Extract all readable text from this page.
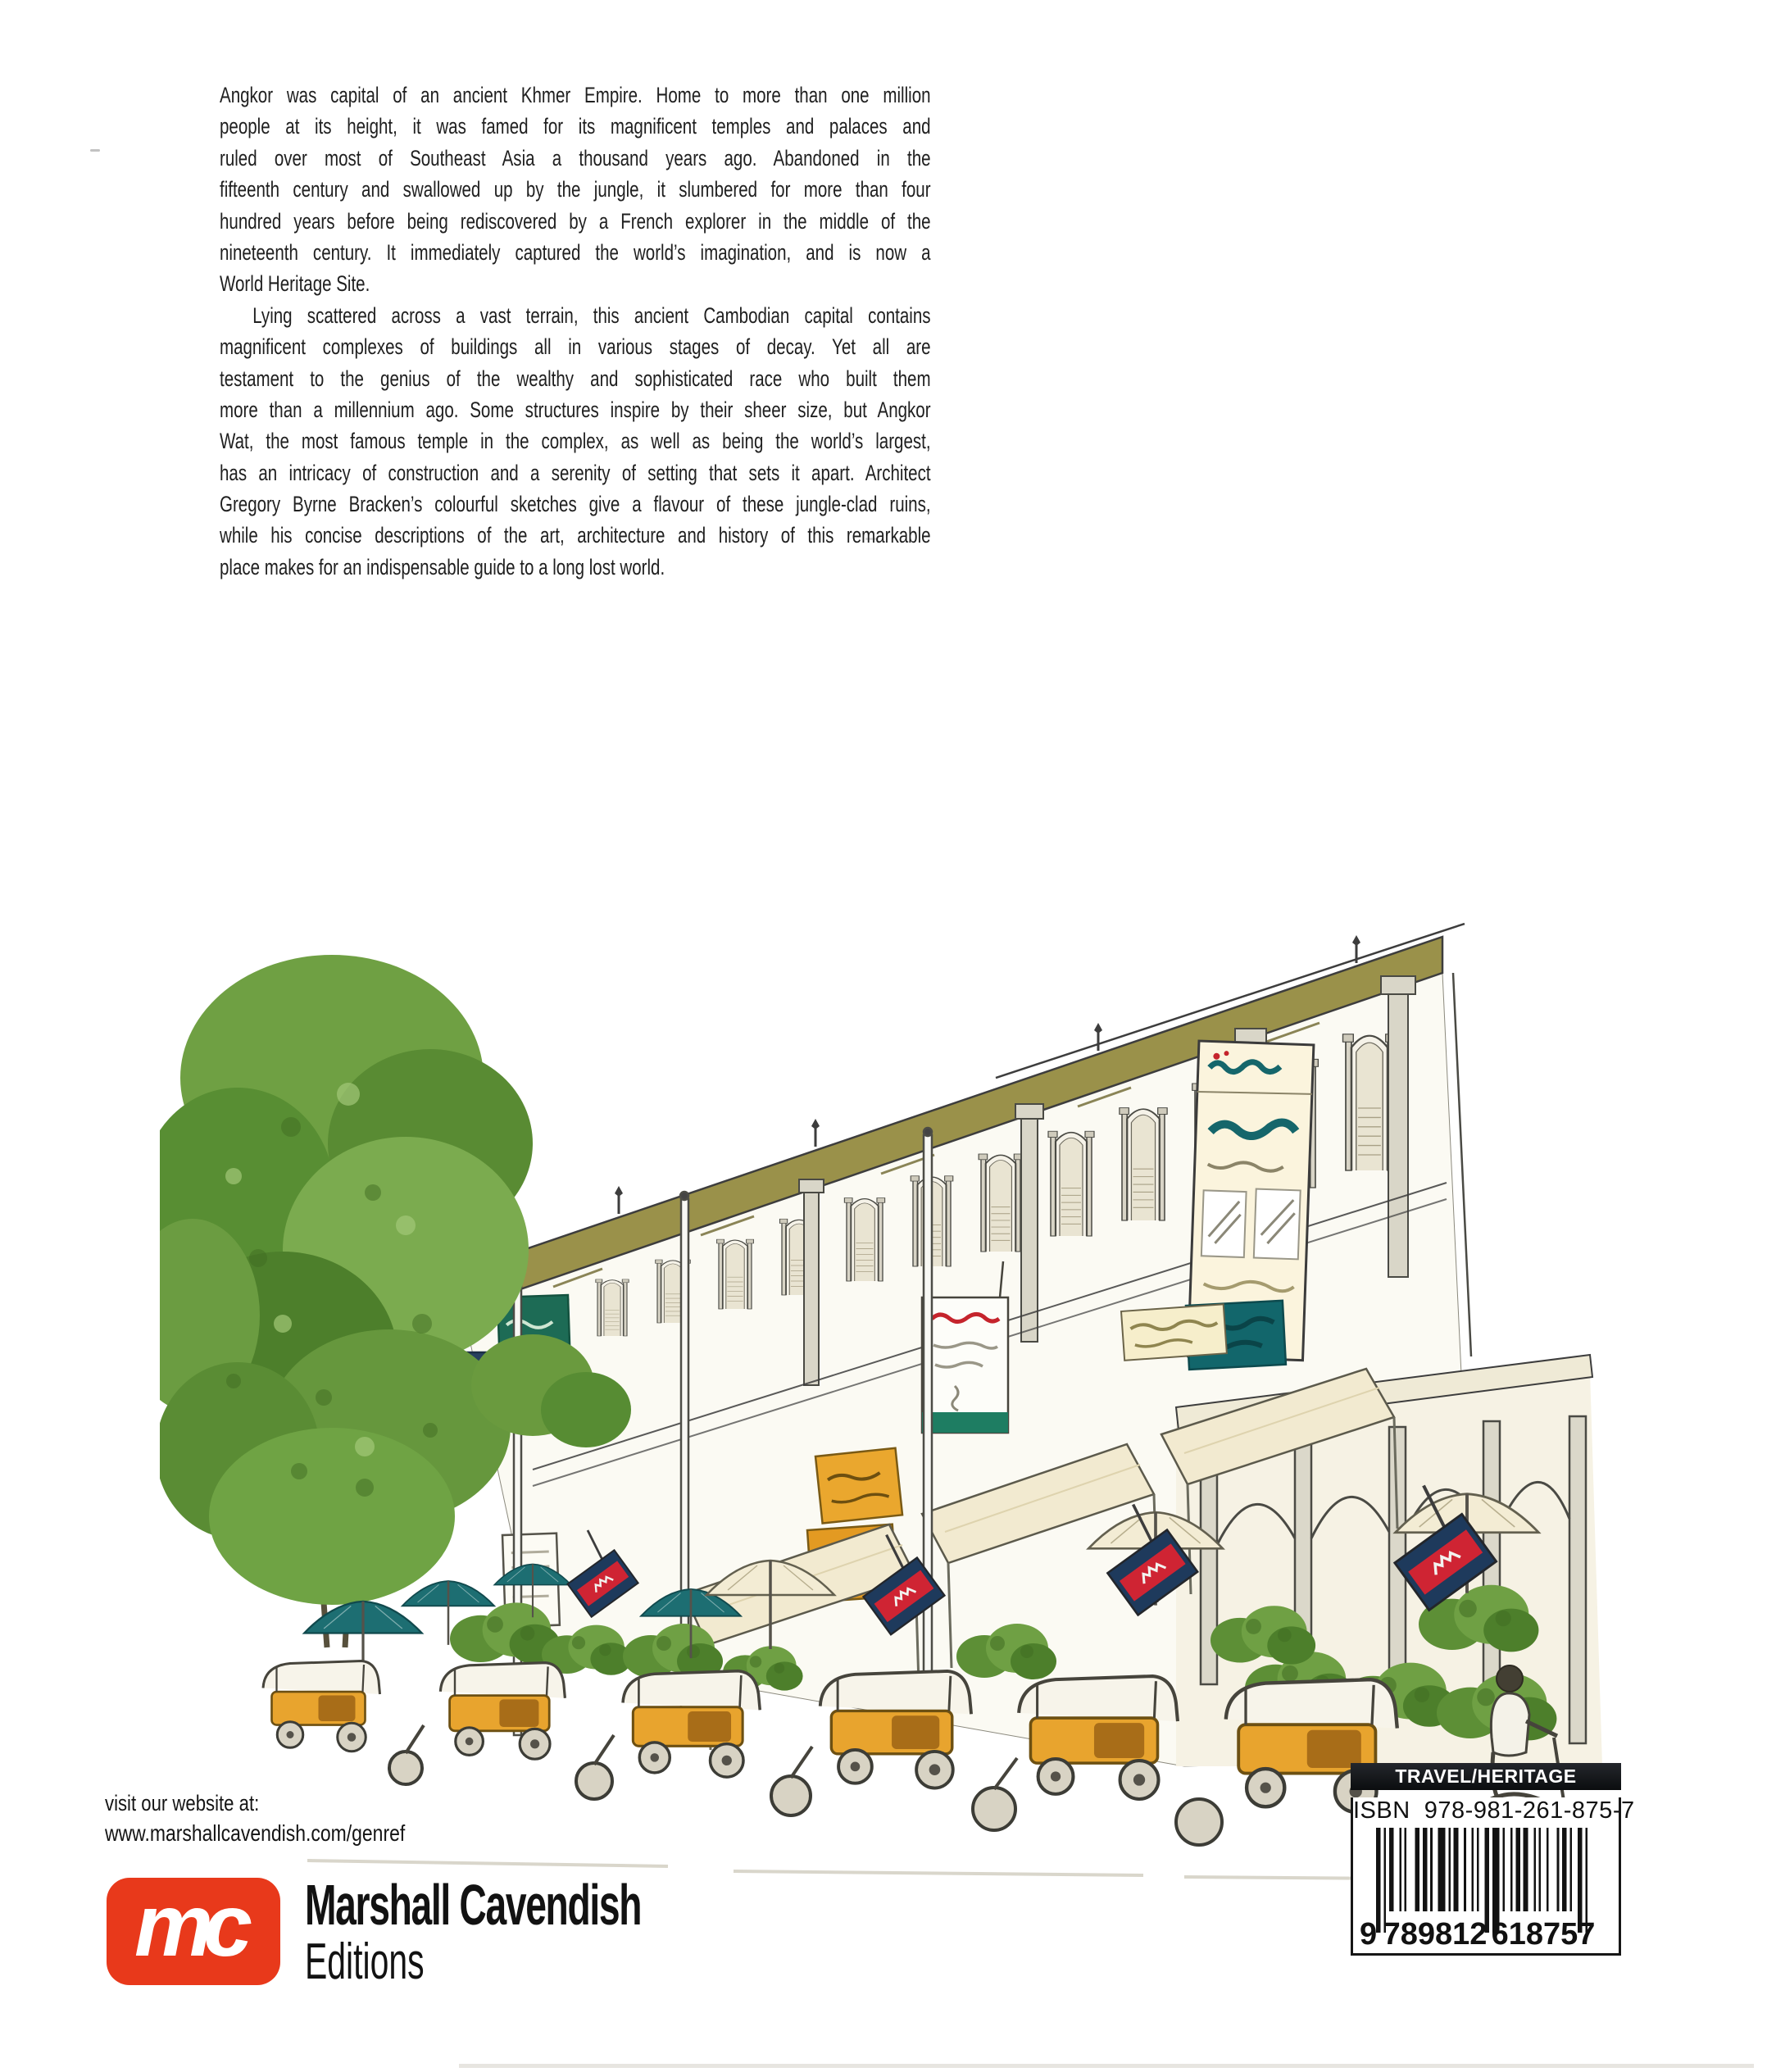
Angkor was capital of an ancient Khmer Empire. Home to more than one million
people at its height, it was famed for its magnificent temples and palaces and
ruled over most of Southeast Asia a thousand years ago. Abandoned in the
fifteenth century and swallowed up by the jungle, it slumbered for more than four
hundred years before being rediscovered by a French explorer in the middle of the
nineteenth century. It immediately captured the world’s imagination, and is now a
World Heritage Site.
Lying scattered across a vast terrain, this ancient Cambodian capital contains
magnificent complexes of buildings all in various stages of decay. Yet all are
testament to the genius of the wealthy and sophisticated race who built them
more than a millennium ago. Some structures inspire by their sheer size, but Angkor
Wat, the most famous temple in the complex, as well as being the world’s largest,
has an intricacy of construction and a serenity of setting that sets it apart. Architect
Gregory Byrne Bracken’s colourful sketches give a flavour of these jungle-clad ruins,
while his concise descriptions of the art, architecture and history of this remarkable
place makes for an indispensable guide to a long lost world.
visit our website at:
www.marshallcavendish.com/genref
mc Marshall Cavendish
Editions
TRAVEL/HERITAGE
ISBN  978-981-261-875-7
9 789812 618757
